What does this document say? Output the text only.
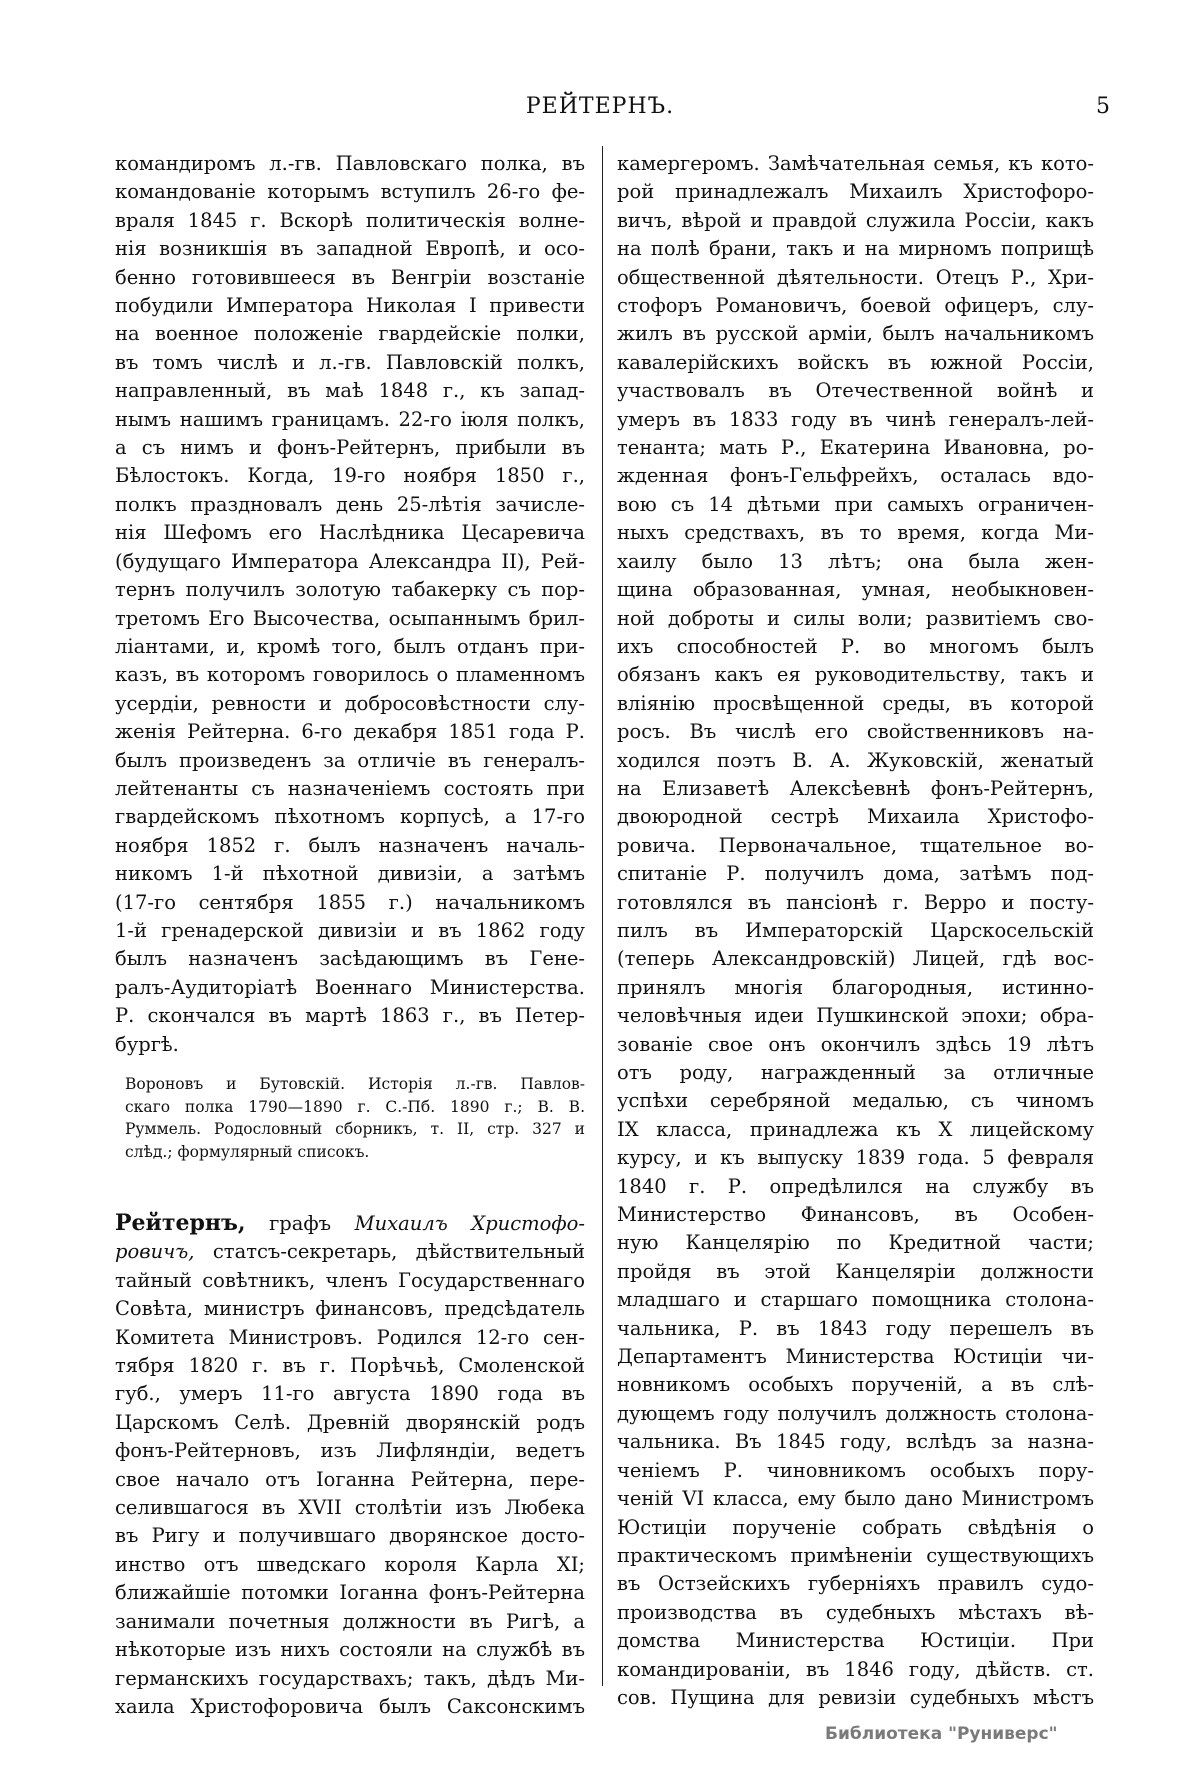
РЕЙТЕРНЪ.	5
командиромъ л.-гв. Павловскаго полка, въ
командованіе которымъ вступилъ 26-го фе-
враля 1845 г. Вскорѣ политическія волне-
нія возникшія въ западной Европѣ, и осо-
бенно готовившееся въ Венгріи возстаніе
побудили Императора Николая I привести
на военное положеніе гвардейскіе полки,
въ томъ числѣ и л.-гв. Павловскій полкъ,
направленный, въ маѣ 1848 г., къ запад-
нымъ нашимъ границамъ. 22-го іюля полкъ,
а съ нимъ и фонъ-Рейтернъ, прибыли въ
Бѣлостокъ. Когда, 19-го ноября 1850 г.,
полкъ праздновалъ день 25-лѣтія зачисле-
нія Шефомъ его Наслѣдника Цесаревича
(будущаго Императора Александра II), Рей-
тернъ получилъ золотую табакерку съ пор-
третомъ Его Высочества, осыпаннымъ брил-
ліантами, и, кромѣ того, былъ отданъ при-
казъ, въ которомъ говорилось о пламенномъ
усердіи, ревности и добросовѣстности слу-
женія Рейтерна. 6-го декабря 1851 года Р.
былъ произведенъ за отличіе въ генералъ-
лейтенанты съ назначеніемъ состоять при
гвардейскомъ пѣхотномъ корпусѣ, а 17-го
ноября 1852 г. былъ назначенъ началь-
никомъ 1-й пѣхотной дивизіи, а затѣмъ
(17-го сентября 1855 г.) начальникомъ
1-й гренадерской дивизіи и въ 1862 году
былъ назначенъ засѣдающимъ въ Гене-
ралъ-Аудиторіатѣ Военнаго Министерства.
Р. скончался въ мартѣ 1863 г., въ Петер-
бургѣ.
Вороновъ и Бутовскій. Исторія л.-гв. Павлов-
скаго полка 1790—1890 г. С.-Пб. 1890 г.; В. В.
Руммель. Родословный сборникъ, т. II, стр. 327 и
слѣд.; формулярный списокъ.
Рейтернъ, графъ Михаилъ Христофо-
ровичъ, статсъ-секретарь, дѣйствительный
тайный совѣтникъ, членъ Государственнаго
Совѣта, министръ финансовъ, предсѣдатель
Комитета Министровъ. Родился 12-го сен-
тября 1820 г. въ г. Порѣчьѣ, Смоленской
губ., умеръ 11-го августа 1890 года въ
Царскомъ Селѣ. Древній дворянскій родъ
фонъ-Рейтерновъ, изъ Лифляндіи, ведетъ
свое начало отъ Іоганна Рейтерна, пере-
селившагося въ XVII столѣтіи изъ Любека
въ Ригу и получившаго дворянское досто-
инство отъ шведскаго короля Карла XI;
ближайшіе потомки Іоганна фонъ-Рейтерна
занимали почетныя должности въ Ригѣ, а
нѣкоторые изъ нихъ состояли на службѣ въ
германскихъ государствахъ; такъ, дѣдъ Ми-
хаила Христофоровича былъ Саксонскимъ
камергеромъ. Замѣчательная семья, къ кото-
рой принадлежалъ Михаилъ Христофоро-
вичъ, вѣрой и правдой служила Россіи, какъ
на полѣ брани, такъ и на мирномъ поприщѣ
общественной дѣятельности. Отецъ Р., Хри-
стофоръ Романовичъ, боевой офицеръ, слу-
жилъ въ русской арміи, былъ начальникомъ
кавалерійскихъ войскъ въ южной Россіи,
участвовалъ въ Отечественной войнѣ и
умеръ въ 1833 году въ чинѣ генералъ-лей-
тенанта; мать Р., Екатерина Ивановна, ро-
жденная фонъ-Гельфрейхъ, осталась вдо-
вою съ 14 дѣтьми при самыхъ ограничен-
ныхъ средствахъ, въ то время, когда Ми-
хаилу было 13 лѣтъ; она была жен-
щина образованная, умная, необыкновен-
ной доброты и силы воли; развитіемъ сво-
ихъ способностей Р. во многомъ былъ
обязанъ какъ ея руководительству, такъ и
вліянію просвѣщенной среды, въ которой
росъ. Въ числѣ его свойственниковъ на-
ходился поэтъ В. А. Жуковскій, женатый
на Елизаветѣ Алексѣевнѣ фонъ-Рейтернъ,
двоюродной сестрѣ Михаила Христофо-
ровича. Первоначальное, тщательное во-
спитаніе Р. получилъ дома, затѣмъ под-
готовлялся въ пансіонѣ г. Верро и посту-
пилъ въ Императорскій Царскосельскій
(теперь Александровскій) Лицей, гдѣ вос-
принялъ многія благородныя, истинно-
человѣчныя идеи Пушкинской эпохи; обра-
зованіе свое онъ окончилъ здѣсь 19 лѣтъ
отъ роду, награжденный за отличные
успѣхи серебряной медалью, съ чиномъ
IX класса, принадлежа къ X лицейскому
курсу, и къ выпуску 1839 года. 5 февраля
1840 г. Р. опредѣлился на службу въ
Министерство Финансовъ, въ Особен-
ную Канцелярію по Кредитной части;
пройдя въ этой Канцеляріи должности
младшаго и старшаго помощника столона-
чальника, Р. въ 1843 году перешелъ въ
Департаментъ Министерства Юстиціи чи-
новникомъ особыхъ порученій, а въ слѣ-
дующемъ году получилъ должность столона-
чальника. Въ 1845 году, вслѣдъ за назна-
ченіемъ Р. чиновникомъ особыхъ пору-
ченій VI класса, ему было дано Министромъ
Юстиціи порученіе собрать свѣдѣнія о
практическомъ примѣненіи существующихъ
въ Остзейскихъ губерніяхъ правилъ судо-
производства въ судебныхъ мѣстахъ вѣ-
домства Министерства Юстиціи. При
командированіи, въ 1846 году, дѣйств. ст.
сов. Пущина для ревизіи судебныхъ мѣстъ
Библиотека "Руниверс"
